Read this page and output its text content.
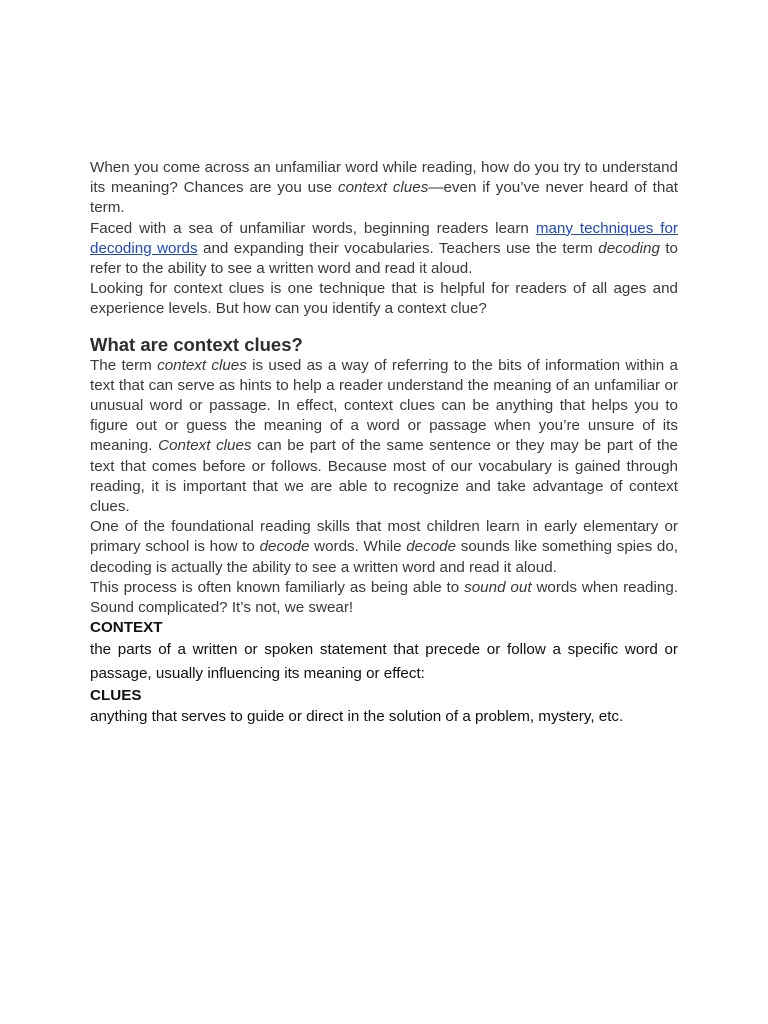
When you come across an unfamiliar word while reading, how do you try to understand its meaning? Chances are you use context clues—even if you’ve never heard of that term.

Faced with a sea of unfamiliar words, beginning readers learn many techniques for decoding words and expanding their vocabularies. Teachers use the term decoding to refer to the ability to see a written word and read it aloud.

Looking for context clues is one technique that is helpful for readers of all ages and experience levels. But how can you identify a context clue?

What are context clues?

The term context clues is used as a way of referring to the bits of information within a text that can serve as hints to help a reader understand the meaning of an unfamiliar or unusual word or passage. In effect, context clues can be anything that helps you to figure out or guess the meaning of a word or passage when you’re unsure of its meaning. Context clues can be part of the same sentence or they may be part of the text that comes before or follows. Because most of our vocabulary is gained through reading, it is important that we are able to recognize and take advantage of context clues.

One of the foundational reading skills that most children learn in early elementary or primary school is how to decode words. While decode sounds like something spies do, decoding is actually the ability to see a written word and read it aloud.

This process is often known familiarly as being able to sound out words when reading. Sound complicated? It’s not, we swear!

CONTEXT

the parts of a written or spoken statement that precede or follow a specific word or passage, usually influencing its meaning or effect:

CLUES

anything that serves to guide or direct in the solution of a problem, mystery, etc.
